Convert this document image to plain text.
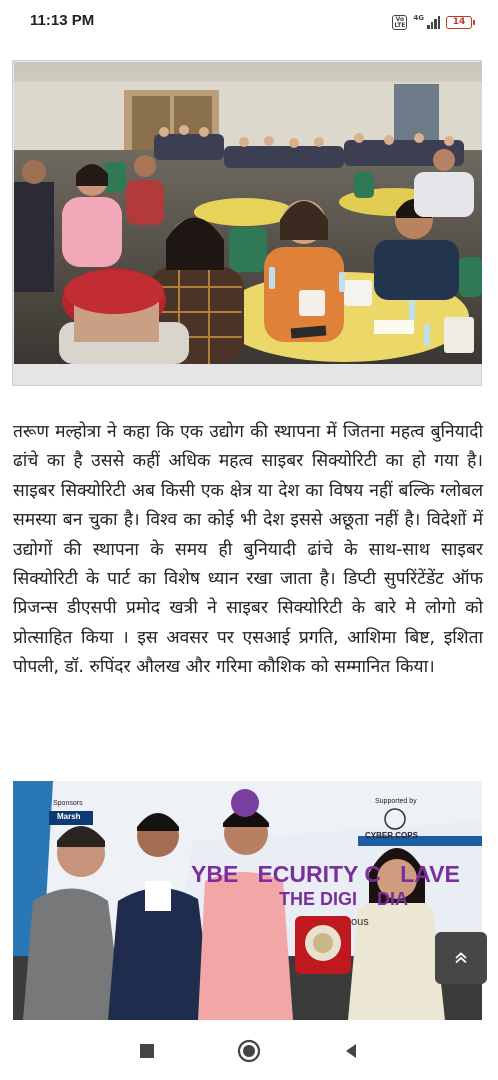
11:13 PM	Vo
LTE
4G	14
तरूण मल्होत्रा ने कहा कि एक उद्योग की स्थापना में जितना महत्व बुनियादी ढांचे का है उससे कहीं अधिक महत्व साइबर सिक्योरिटी का हो गया है। साइबर सिक्योरिटी अब किसी एक क्षेत्र या देश का विषय नहीं बल्कि ग्लोबल समस्या बन चुका है। विश्व का कोई भी देश इससे अछूता नहीं है। विदेशों में उद्योगों की स्थापना के समय ही बुनियादी ढांचे के साथ-साथ साइबर सिक्योरिटी के पार्ट का विशेष ध्यान रखा जाता है। डिप्टी सुपरिंटेंडेंट ऑफ प्रिजन्स डीएसपी प्रमोद खत्री ने साइबर सिक्योरिटी के बारे मे लोगो को प्रोत्साहित किया । इस अवसर पर एसआई प्रगति, आशिमा बिष्ट, इशिता पोपली, डॉ. रुपिंदर औलख और गरिमा कौशिक को सम्मानित किया।
Sponsors
Marsh
Supported by
CYBER COPS
YBE   ECURITY C   LAVE
THE DIGI    DIA
ous
